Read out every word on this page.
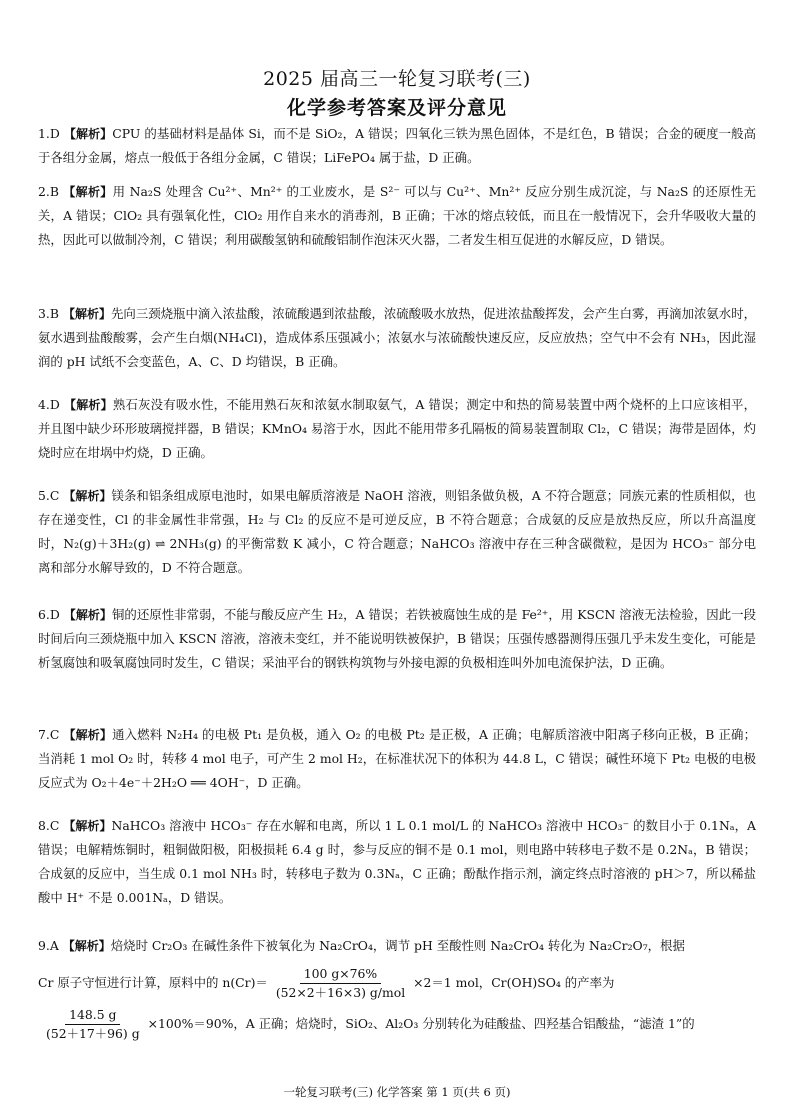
2025 届高三一轮复习联考(三)
化学参考答案及评分意见

1.D 【解析】CPU 的基础材料是晶体 Si，而不是 SiO₂，A 错误；四氧化三铁为黑色固体，不是红色，B 错误；合金的硬度一般高于各组分金属，熔点一般低于各组分金属，C 错误；LiFePO₄ 属于盐，D 正确。

2.B 【解析】用 Na₂S 处理含 Cu²⁺、Mn²⁺ 的工业废水，是 S²⁻ 可以与 Cu²⁺、Mn²⁺ 反应分别生成沉淀，与 Na₂S 的还原性无关，A 错误；ClO₂ 具有强氧化性，ClO₂ 用作自来水的消毒剂，B 正确；干冰的熔点较低，而且在一般情况下，会升华吸收大量的热，因此可以做制冷剂，C 错误；利用碳酸氢钠和硫酸铝制作泡沫灭火器，二者发生相互促进的水解反应，D 错误。

3.B 【解析】先向三颈烧瓶中滴入浓盐酸，浓硫酸遇到浓盐酸，浓硫酸吸水放热，促进浓盐酸挥发，会产生白雾，再滴加浓氨水时，氨水遇到盐酸酸雾，会产生白烟(NH₄Cl)，造成体系压强减小；浓氨水与浓硫酸快速反应，反应放热；空气中不会有 NH₃，因此湿润的 pH 试纸不会变蓝色，A、C、D 均错误，B 正确。

4.D 【解析】熟石灰没有吸水性，不能用熟石灰和浓氨水制取氨气，A 错误；测定中和热的简易装置中两个烧杯的上口应该相平，并且图中缺少环形玻璃搅拌器，B 错误；KMnO₄ 易溶于水，因此不能用带多孔隔板的简易装置制取 Cl₂，C 错误；海带是固体，灼烧时应在坩埚中灼烧，D 正确。

5.C 【解析】镁条和铝条组成原电池时，如果电解质溶液是 NaOH 溶液，则铝条做负极，A 不符合题意；同族元素的性质相似，也存在递变性，Cl 的非金属性非常强，H₂ 与 Cl₂ 的反应不是可逆反应，B 不符合题意；合成氨的反应是放热反应，所以升高温度时，N₂(g)＋3H₂(g) ⇌ 2NH₃(g) 的平衡常数 K 减小，C 符合题意；NaHCO₃ 溶液中存在三种含碳微粒，是因为 HCO₃⁻ 部分电离和部分水解导致的，D 不符合题意。

6.D 【解析】铜的还原性非常弱，不能与酸反应产生 H₂，A 错误；若铁被腐蚀生成的是 Fe²⁺，用 KSCN 溶液无法检验，因此一段时间后向三颈烧瓶中加入 KSCN 溶液，溶液未变红，并不能说明铁被保护，B 错误；压强传感器测得压强几乎未发生变化，可能是析氢腐蚀和吸氧腐蚀同时发生，C 错误；采油平台的钢铁构筑物与外接电源的负极相连叫外加电流保护法，D 正确。

7.C 【解析】通入燃料 N₂H₄ 的电极 Pt₁ 是负极，通入 O₂ 的电极 Pt₂ 是正极，A 正确；电解质溶液中阳离子移向正极，B 正确；当消耗 1 mol O₂ 时，转移 4 mol 电子，可产生 2 mol H₂，在标准状况下的体积为 44.8 L，C 错误；碱性环境下 Pt₂ 电极的电极反应式为 O₂＋4e⁻＋2H₂O ══ 4OH⁻，D 正确。

8.C 【解析】NaHCO₃ 溶液中 HCO₃⁻ 存在水解和电离，所以 1 L 0.1 mol/L 的 NaHCO₃ 溶液中 HCO₃⁻ 的数目小于 0.1Nₐ，A 错误；电解精炼铜时，粗铜做阳极，阳极损耗 6.4 g 时，参与反应的铜不是 0.1 mol，则电路中转移电子数不是 0.2Nₐ，B 错误；合成氨的反应中，当生成 0.1 mol NH₃ 时，转移电子数为 0.3Nₐ，C 正确；酚酞作指示剂，滴定终点时溶液的 pH＞7，所以稀盐酸中 H⁺ 不是 0.001Nₐ，D 错误。

9.A 【解析】焙烧时 Cr₂O₃ 在碱性条件下被氧化为 Na₂CrO₄，调节 pH 至酸性则 Na₂CrO₄ 转化为 Na₂Cr₂O₇，根据

Cr 原子守恒进行计算，原料中的 $n(Cr)= \frac{100 g\times 76\%}{\text{(52×2＋16×3) g/mol}} \times 2=1$ mol，Cr(OH)SO₄ 的产率为

$\frac{148.5 g}{(52+17+96) g} \times 100\%=90\%$，A 正确；焙烧时，SiO₂、Al₂O₃ 分别转化为硅酸盐、四羟基合铝酸盐，“滤渣 1”的

一轮复习联考(三) 化学答案 第 1 页(共 6 页)
